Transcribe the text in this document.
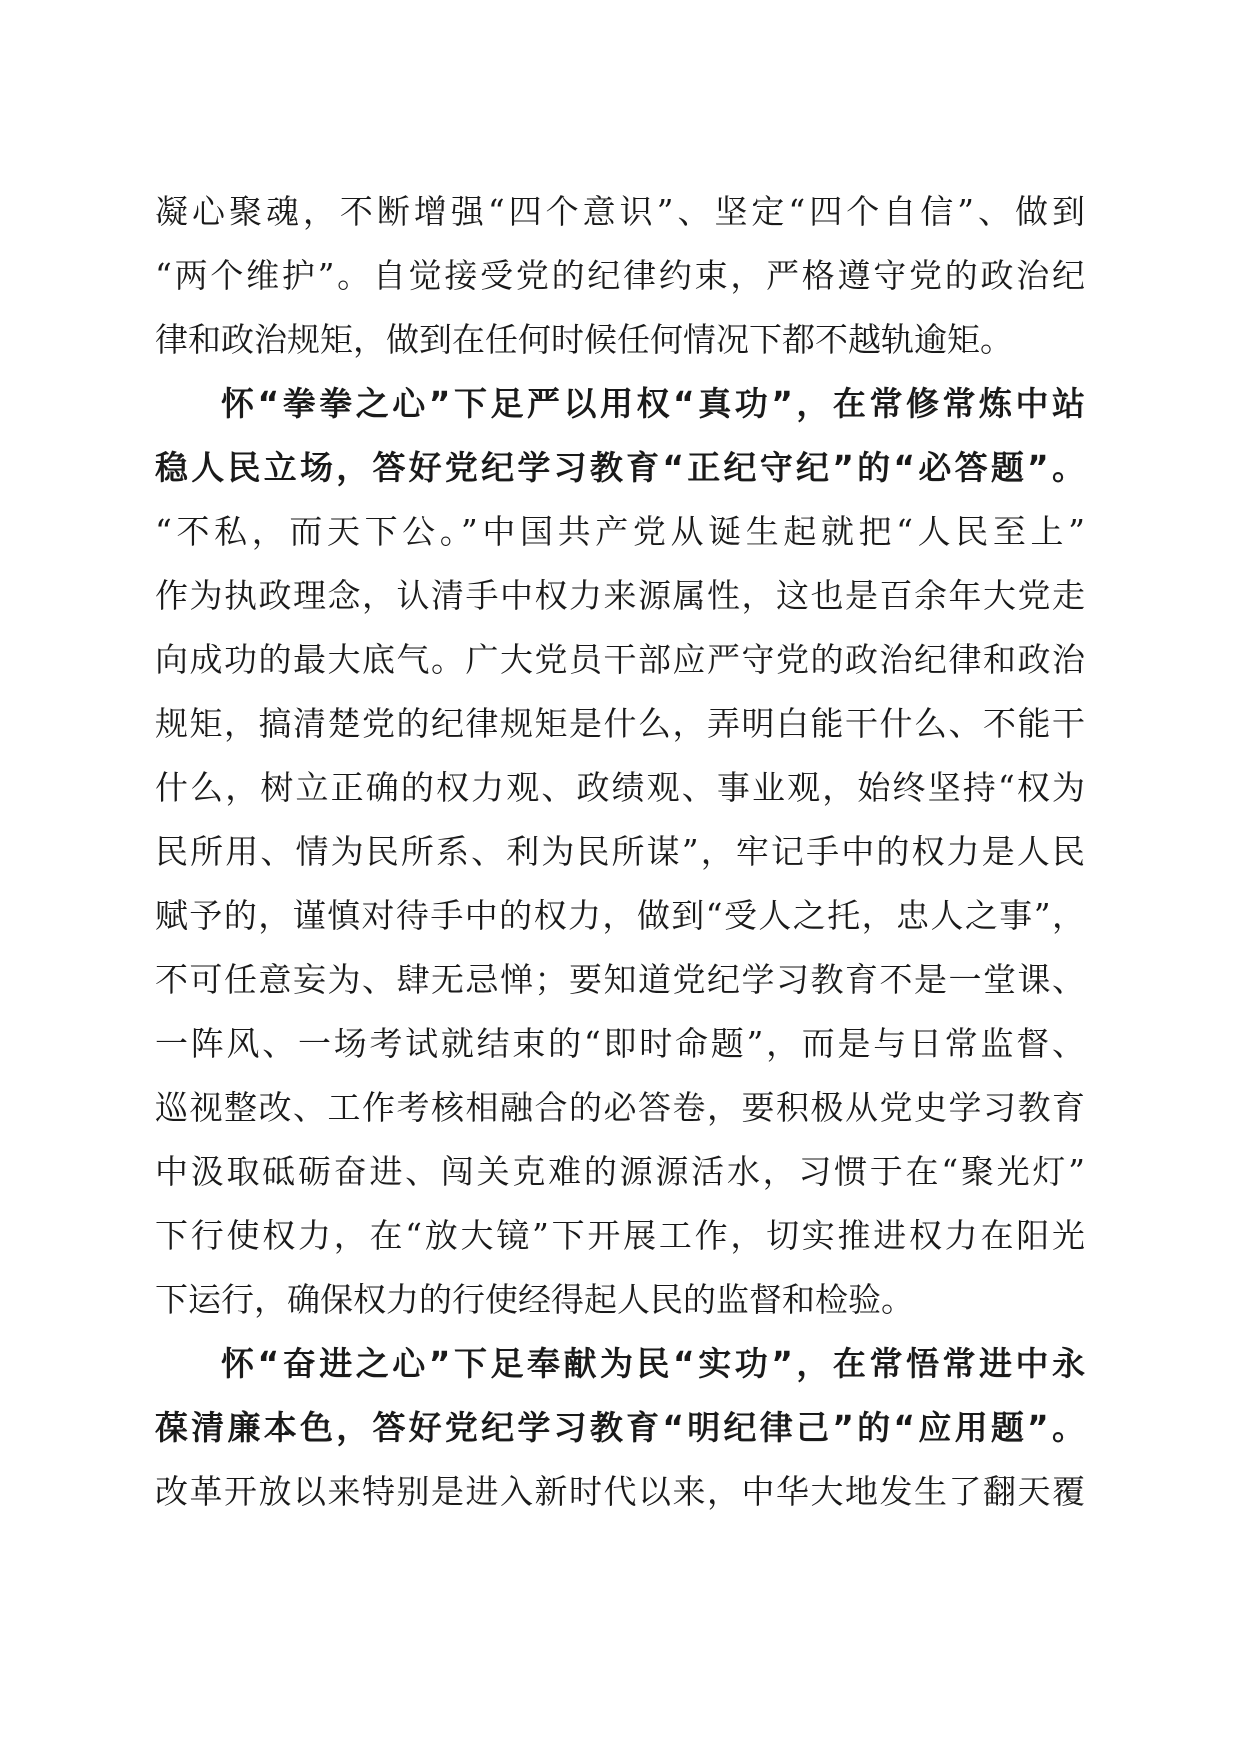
凝心聚魂，不断增强“四个意识”、坚定“四个自信”、做到
“两个维护”。自觉接受党的纪律约束，严格遵守党的政治纪
律和政治规矩，做到在任何时候任何情况下都不越轨逾矩。
怀“拳拳之心”下足严以用权“真功”，在常修常炼中站
稳人民立场，答好党纪学习教育“正纪守纪”的“必答题”。
“不私，而天下公。”中国共产党从诞生起就把“人民至上”
作为执政理念，认清手中权力来源属性，这也是百余年大党走
向成功的最大底气。广大党员干部应严守党的政治纪律和政治
规矩，搞清楚党的纪律规矩是什么，弄明白能干什么、不能干
什么，树立正确的权力观、政绩观、事业观，始终坚持“权为
民所用、情为民所系、利为民所谋”，牢记手中的权力是人民
赋予的，谨慎对待手中的权力，做到“受人之托，忠人之事”，
不可任意妄为、肆无忌惮；要知道党纪学习教育不是一堂课、
一阵风、一场考试就结束的“即时命题”，而是与日常监督、
巡视整改、工作考核相融合的必答卷，要积极从党史学习教育
中汲取砥砺奋进、闯关克难的源源活水，习惯于在“聚光灯”
下行使权力，在“放大镜”下开展工作，切实推进权力在阳光
下运行，确保权力的行使经得起人民的监督和检验。
怀“奋进之心”下足奉献为民“实功”，在常悟常进中永
葆清廉本色，答好党纪学习教育“明纪律己”的“应用题”。
改革开放以来特别是进入新时代以来，中华大地发生了翻天覆
